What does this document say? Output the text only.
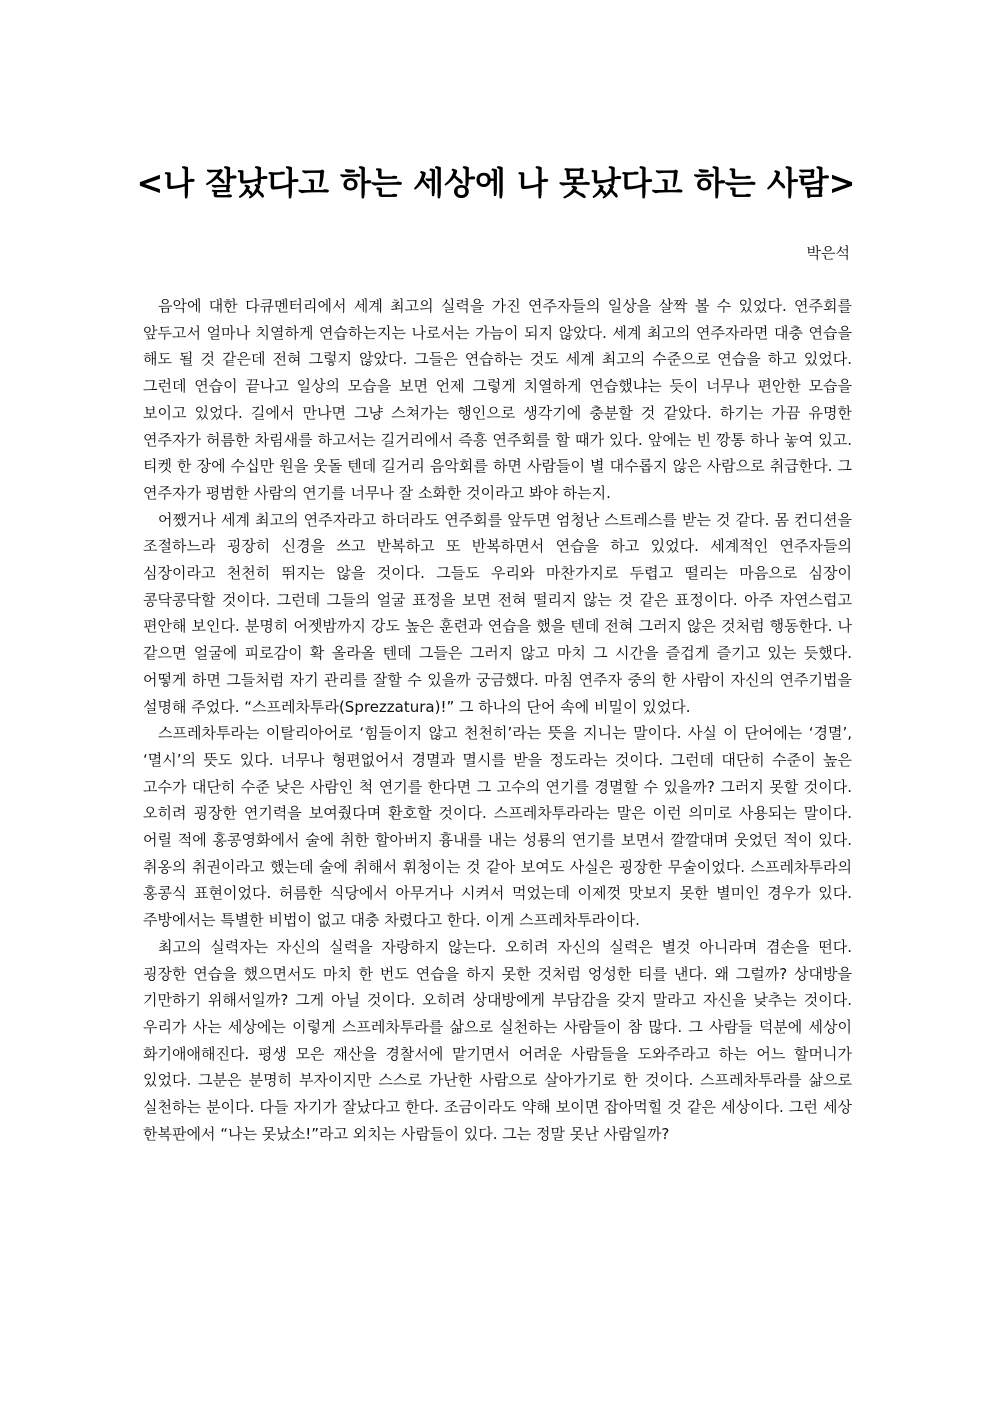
<나 잘났다고 하는 세상에 나 못났다고 하는 사람>
박은석

음악에 대한 다큐멘터리에서 세계 최고의 실력을 가진 연주자들의 일상을 살짝 볼 수 있었다. 연주회를 앞두고서 얼마나 치열하게 연습하는지는 나로서는 가늠이 되지 않았다. 세계 최고의 연주자라면 대충 연습을 해도 될 것 같은데 전혀 그렇지 않았다. 그들은 연습하는 것도 세계 최고의 수준으로 연습을 하고 있었다. 그런데 연습이 끝나고 일상의 모습을 보면 언제 그렇게 치열하게 연습했냐는 듯이 너무나 편안한 모습을 보이고 있었다. 길에서 만나면 그냥 스쳐가는 행인으로 생각기에 충분할 것 같았다. 하기는 가끔 유명한 연주자가 허름한 차림새를 하고서는 길거리에서 즉흥 연주회를 할 때가 있다. 앞에는 빈 깡통 하나 놓여 있고. 티켓 한 장에 수십만 원을 웃돌 텐데 길거리 음악회를 하면 사람들이 별 대수롭지 않은 사람으로 취급한다. 그 연주자가 평범한 사람의 연기를 너무나 잘 소화한 것이라고 봐야 하는지.

어쨌거나 세계 최고의 연주자라고 하더라도 연주회를 앞두면 엄청난 스트레스를 받는 것 같다. 몸 컨디션을 조절하느라 굉장히 신경을 쓰고 반복하고 또 반복하면서 연습을 하고 있었다. 세계적인 연주자들의 심장이라고 천천히 뛰지는 않을 것이다. 그들도 우리와 마찬가지로 두렵고 떨리는 마음으로 심장이 콩닥콩닥할 것이다. 그런데 그들의 얼굴 표정을 보면 전혀 떨리지 않는 것 같은 표정이다. 아주 자연스럽고 편안해 보인다. 분명히 어젯밤까지 강도 높은 훈련과 연습을 했을 텐데 전혀 그러지 않은 것처럼 행동한다. 나 같으면 얼굴에 피로감이 확 올라올 텐데 그들은 그러지 않고 마치 그 시간을 즐겁게 즐기고 있는 듯했다. 어떻게 하면 그들처럼 자기 관리를 잘할 수 있을까 궁금했다. 마침 연주자 중의 한 사람이 자신의 연주기법을 설명해 주었다. “스프레차투라(Sprezzatura)!” 그 하나의 단어 속에 비밀이 있었다.

스프레차투라는 이탈리아어로 ‘힘들이지 않고 천천히’라는 뜻을 지니는 말이다. 사실 이 단어에는 ‘경멸’, ‘멸시’의 뜻도 있다. 너무나 형편없어서 경멸과 멸시를 받을 정도라는 것이다. 그런데 대단히 수준이 높은 고수가 대단히 수준 낮은 사람인 척 연기를 한다면 그 고수의 연기를 경멸할 수 있을까? 그러지 못할 것이다. 오히려 굉장한 연기력을 보여줬다며 환호할 것이다. 스프레차투라라는 말은 이런 의미로 사용되는 말이다. 어릴 적에 홍콩영화에서 술에 취한 할아버지 흉내를 내는 성룡의 연기를 보면서 깔깔대며 웃었던 적이 있다. 취옹의 취권이라고 했는데 술에 취해서 휘청이는 것 같아 보여도 사실은 굉장한 무술이었다. 스프레차투라의 홍콩식 표현이었다. 허름한 식당에서 아무거나 시켜서 먹었는데 이제껏 맛보지 못한 별미인 경우가 있다. 주방에서는 특별한 비법이 없고 대충 차렸다고 한다. 이게 스프레차투라이다.

최고의 실력자는 자신의 실력을 자랑하지 않는다. 오히려 자신의 실력은 별것 아니라며 겸손을 떤다. 굉장한 연습을 했으면서도 마치 한 번도 연습을 하지 못한 것처럼 엉성한 티를 낸다. 왜 그럴까? 상대방을 기만하기 위해서일까? 그게 아닐 것이다. 오히려 상대방에게 부담감을 갖지 말라고 자신을 낮추는 것이다. 우리가 사는 세상에는 이렇게 스프레차투라를 삶으로 실천하는 사람들이 참 많다. 그 사람들 덕분에 세상이 화기애애해진다. 평생 모은 재산을 경찰서에 맡기면서 어려운 사람들을 도와주라고 하는 어느 할머니가 있었다. 그분은 분명히 부자이지만 스스로 가난한 사람으로 살아가기로 한 것이다. 스프레차투라를 삶으로 실천하는 분이다. 다들 자기가 잘났다고 한다. 조금이라도 약해 보이면 잡아먹힐 것 같은 세상이다. 그런 세상 한복판에서 “나는 못났소!”라고 외치는 사람들이 있다. 그는 정말 못난 사람일까?
